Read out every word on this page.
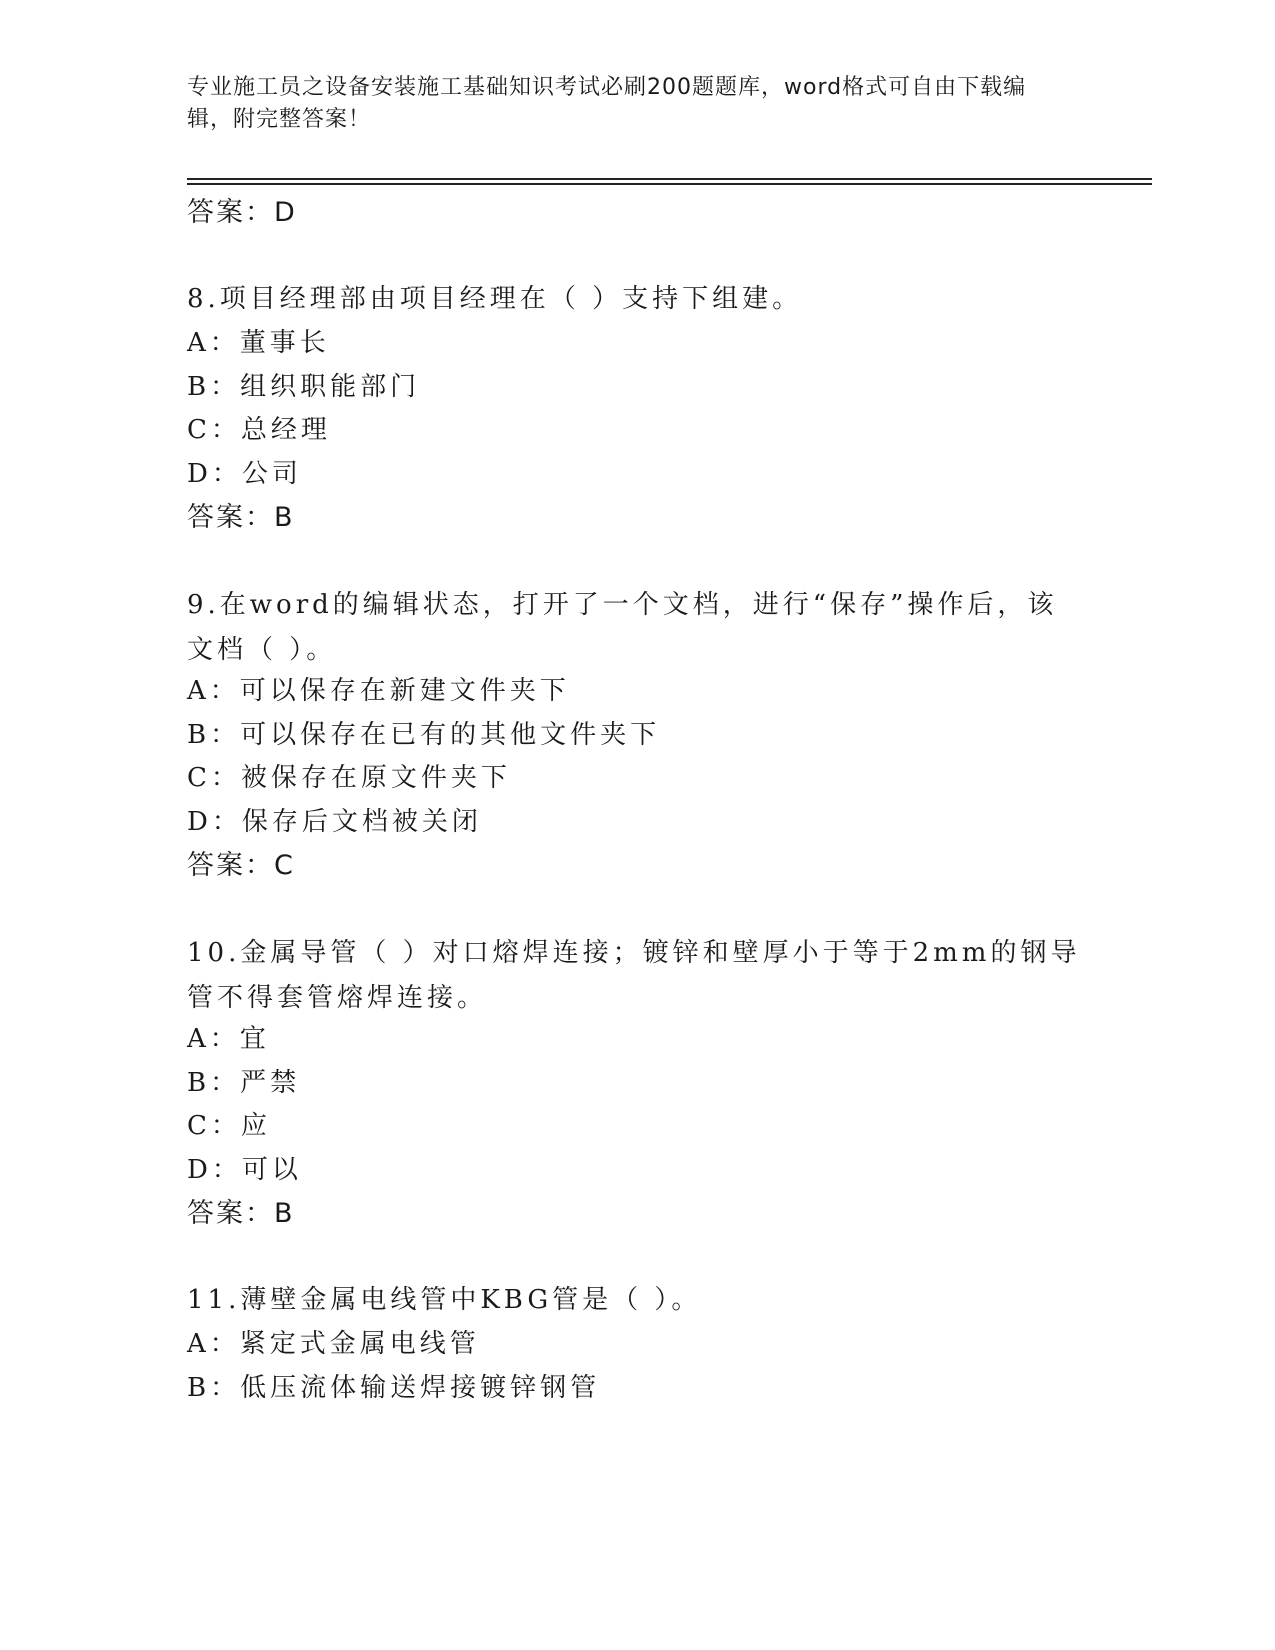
专业施工员之设备安装施工基础知识考试必刷200题题库，word格式可自由下载编辑，附完整答案！
答案：D
8.项目经理部由项目经理在（ ）支持下组建。
A：董事长
B：组织职能部门
C：总经理
D：公司
答案：B
9.在word的编辑状态，打开了一个文档，进行“保存”操作后，该文档（ ）。
A：可以保存在新建文件夹下
B：可以保存在已有的其他文件夹下
C：被保存在原文件夹下
D：保存后文档被关闭
答案：C
10.金属导管（ ）对口熔焊连接；镀锌和壁厚小于等于2mm的钢导管不得套管熔焊连接。
A：宜
B：严禁
C：应
D：可以
答案：B
11.薄壁金属电线管中KBG管是（ ）。
A：紧定式金属电线管
B：低压流体输送焊接镀锌钢管
